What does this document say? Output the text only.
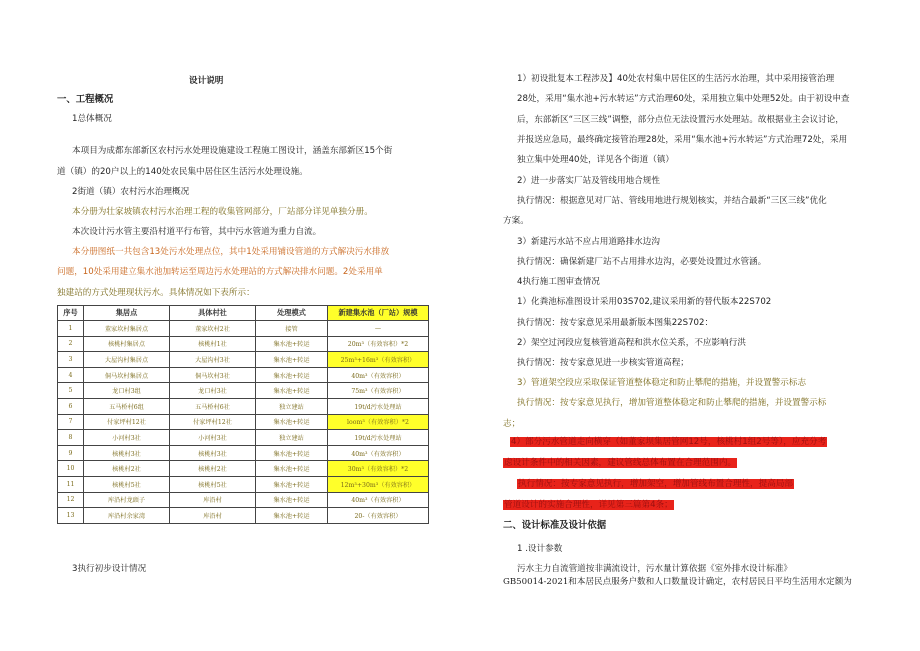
设计说明
一、工程概况
1总体概况
本项目为成都东部新区农村污水处理设施建设工程施工图设计，涵盖东部新区15个街
道（镇）的20户以上的140处农民集中居住区生活污水处理设施。
2街道（镇）农村污水治理概况
本分册为壮家坡镇农村污水治理工程的收集管网部分，厂站部分详见单独分册。
本次设计污水管主要沿村道平行布管，其中污水管道为重力自流。
本分册图纸一共包含13处污水处理点位，其中1处采用铺设管道的方式解决污水排放
问题，10处采用建立集水池加转运至周边污水处理站的方式解决排水问题。2处采用单
独建站的方式处理现状污水。具体情况如下表所示：
序号	集居点	具体村社	处理模式	新建集水池（厂站）规模
1	董家坎村集居点	董家坎村2社	接管	—
2	核桃村集居点	核桃村1社	集水池+转运	20m³（有效容积）*2
3	大屋沟村集居点	大屋沟村3社	集水池+转运	25m³+16m³（有效容积）
4	侗马坎村集居点	侗马坎村3社	集水池+转运	40m³（有效容积）
5	龙口村3组	龙口村3社	集水池+转运	75m³（有效容积）
6	五马桥村6组	五马桥村6社	独立建站	19t/d污水处理站
7	付家坪村12社	付家坪村12社	集水池+转运	loom³（有效容积）*2
8	小河村3社	小河村3社	独立建站	19t/d污水处理站
9	核桃村3社	核桃村3社	集水池+转运	40m³（有效容积）
10	核桃村2社	核桃村2社	集水池+转运	30m³（有效容积）*2
11	核桃村5社	核桃村5社	集水池+转运	12m³+30m³（有效容积）
12	库沿村龙頭子	库沿村	集水池+转运	40m³（有效容积）
13	库沿村余家湾	库沿村	集水池+转运	20-（有效容积）
3执行初步设计情况
1）初设批复本工程涉及】40处农村集中居住区的生活污水治理，其中采用接管治理
28处，采用“集水池+污水转运”方式治理60处，采用独立集中处理52处。由于初设申查
后，东部新区“三区三线”调整，部分点位无法设置污水处理站。故根据业主会议讨论，
并报送应急局，最终确定接管治理28处，采用“集水池+污水转运”方式治理72处，采用
独立集中处理40处，详见各个街道（镇）
2）进一步落实厂站及管线用地合规性
执行情况：根据意见对厂站、管线用地进行规划核实，并结合最新“三区三线”优化
方案。
3）新建污水站不应占用道路排水边沟
执行情况：确保新建厂站不占用排水边沟，必要处设置过水管涵。
4执行施工图审查情况
1）化粪池标准图设计采用03S702,建议采用新的替代版本22S702
执行情况：按专家意见采用最新版本图集22S702：
2）架空过河段应复核管道高程和洪水位关系，不应影响行洪
执行情况：按专家意见进一步核实管道高程；
3）管道架空段应采取保证管道整体稳定和防止攀爬的措施，并设置警示标志
执行情况：按专家意见执行，增加管道整体稳定和防止攀爬的措施，并设置警示标
志；
4）部分污水管道走向横穿（如董家坝集居管网12号，核桃村1组2号等），应充分考
虑设计条件中的相关因素，建议管线总体布置在合理范围内。
执行情况：按专家意见执行，增加架空，增加管线布置合理性，提高局部
管道设计的实施合理性，详见第三篇第4条；
二、设计标准及设计依据
1 .设计参数
污水主力自流管道按非满流设计，污水量计算依据《室外排水设计标准》
GB50014-2021和本居民点服务户数和人口数量设计确定，农村居民日平均生活用水定额为
